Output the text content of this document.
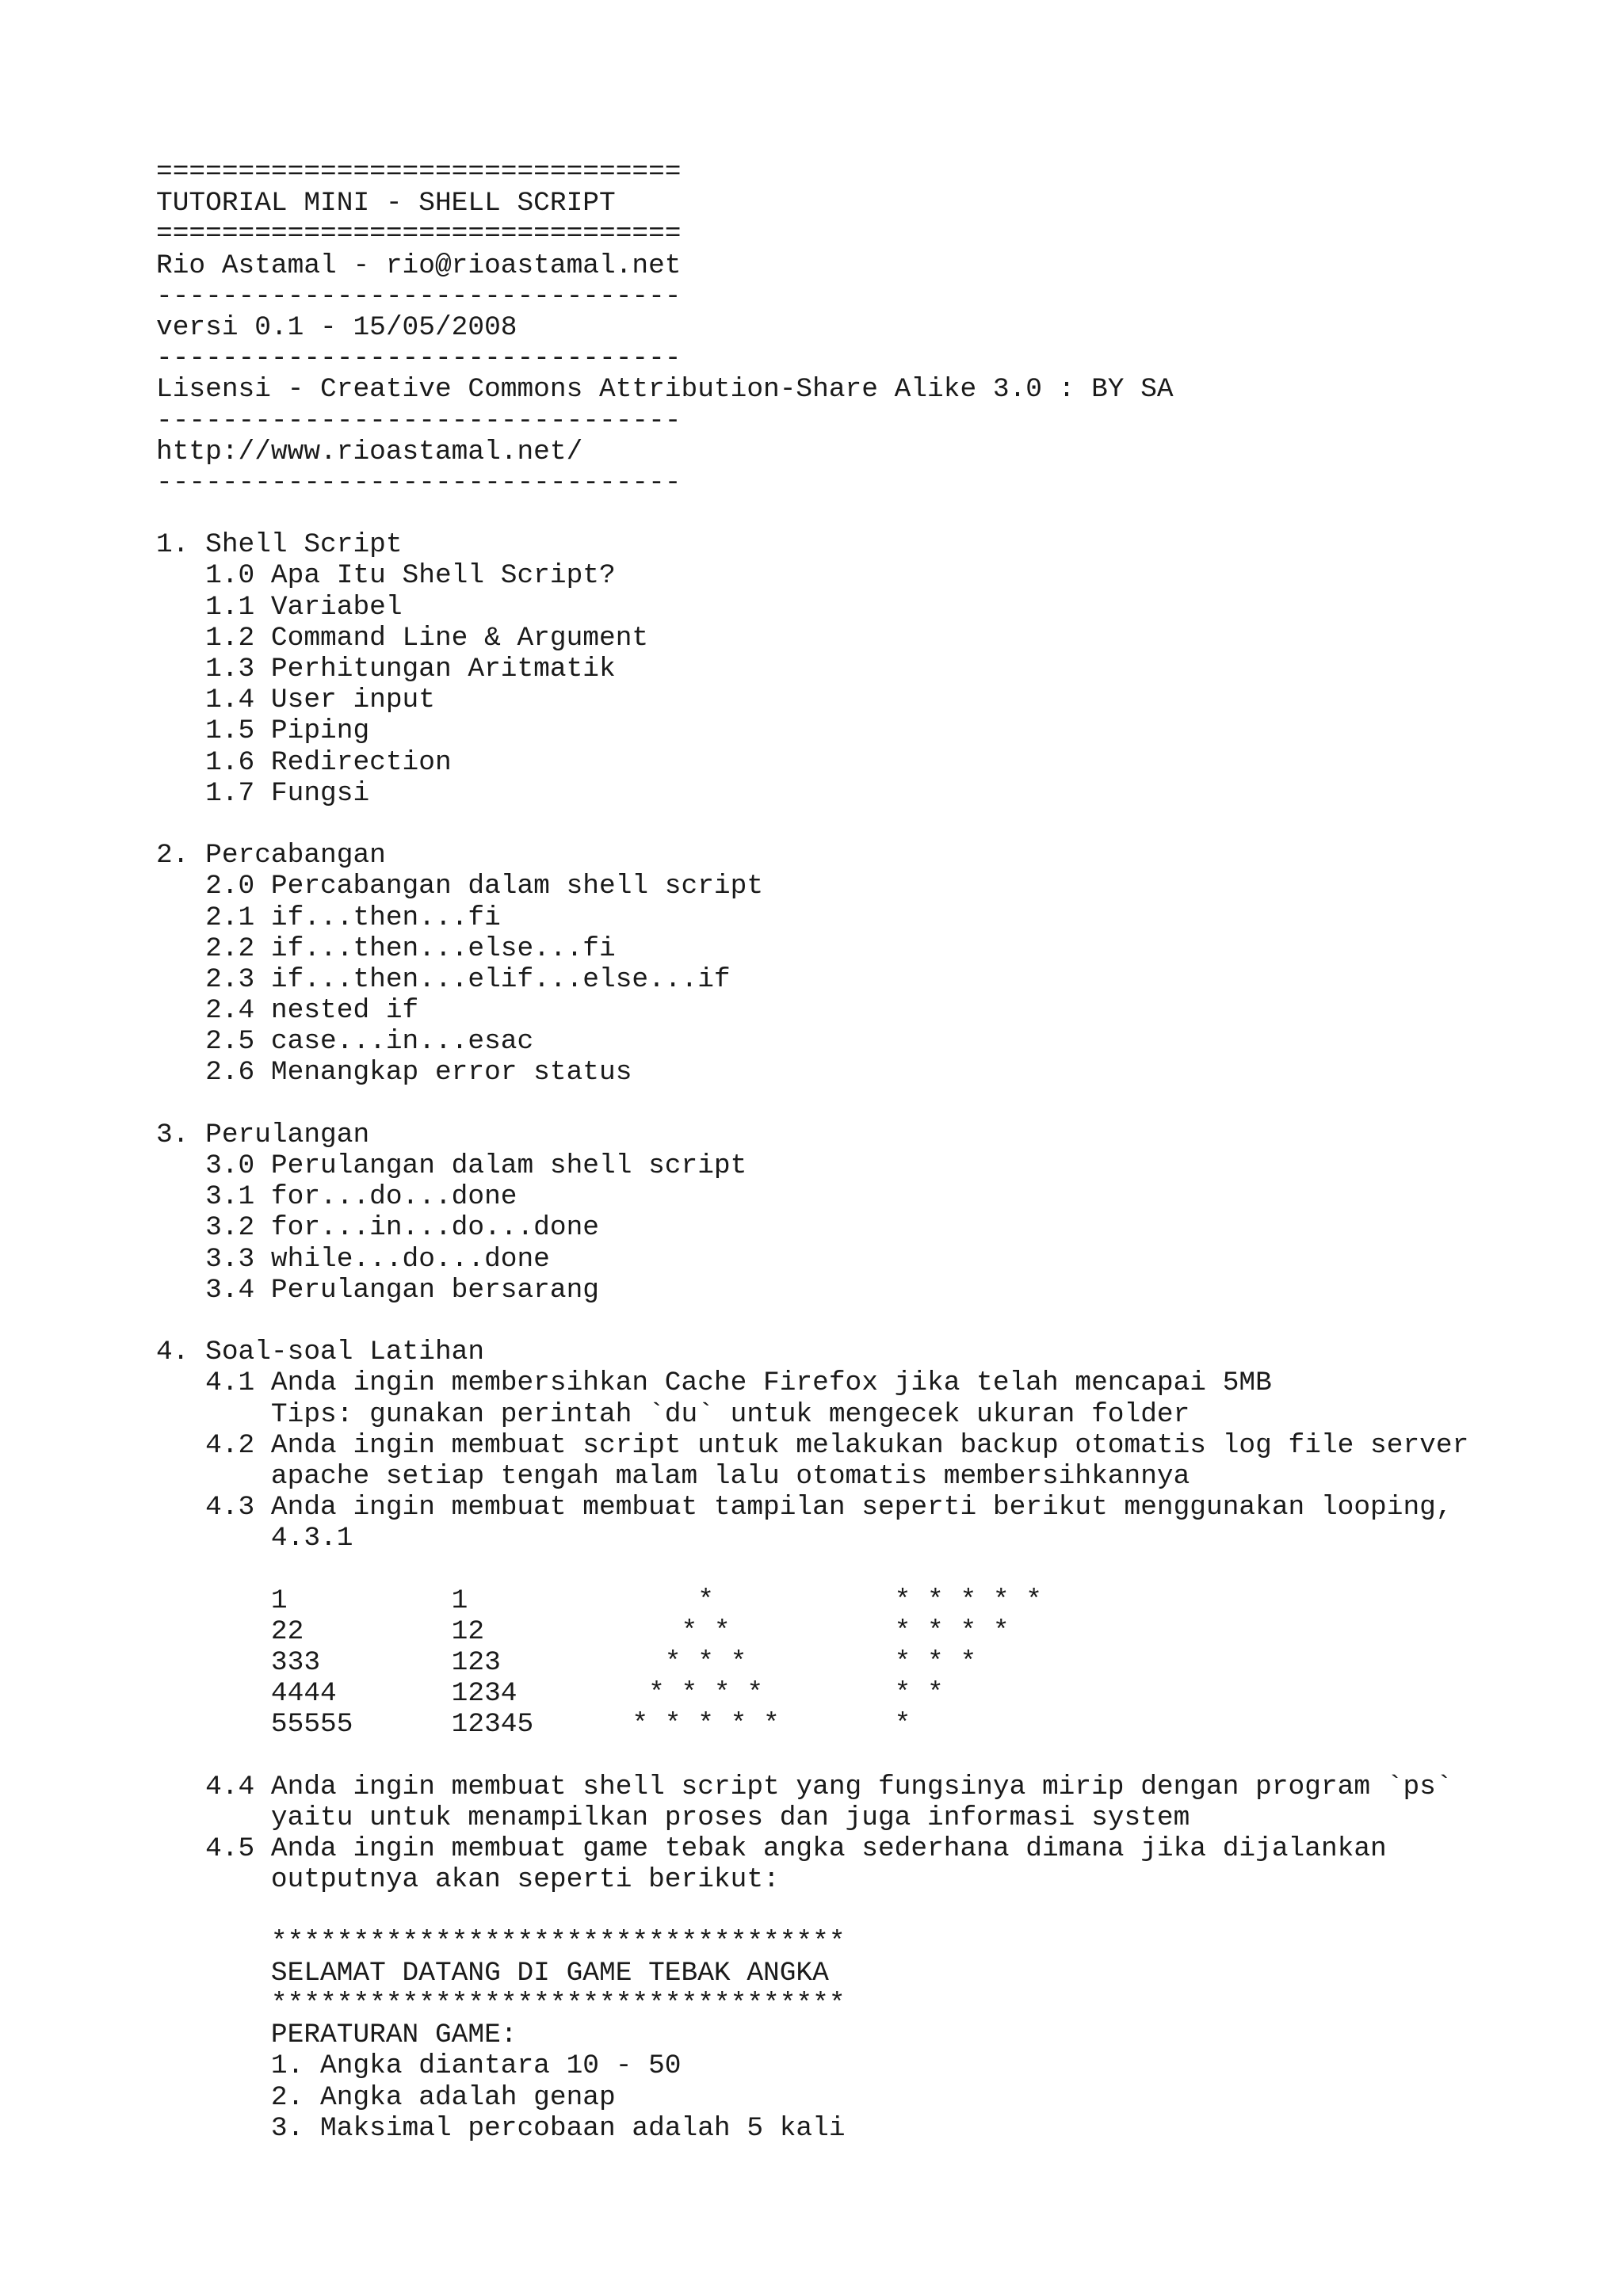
================================
TUTORIAL MINI - SHELL SCRIPT
================================
Rio Astamal - rio@rioastamal.net
--------------------------------
versi 0.1 - 15/05/2008
--------------------------------
Lisensi - Creative Commons Attribution-Share Alike 3.0 : BY SA
--------------------------------
http://www.rioastamal.net/
--------------------------------
1. Shell Script
1.0 Apa Itu Shell Script?
1.1 Variabel
1.2 Command Line & Argument
1.3 Perhitungan Aritmatik
1.4 User input
1.5 Piping
1.6 Redirection
1.7 Fungsi
2. Percabangan
2.0 Percabangan dalam shell script
2.1 if...then...fi
2.2 if...then...else...fi
2.3 if...then...elif...else...if
2.4 nested if
2.5 case...in...esac
2.6 Menangkap error status
3. Perulangan
3.0 Perulangan dalam shell script
3.1 for...do...done
3.2 for...in...do...done
3.3 while...do...done
3.4 Perulangan bersarang
4. Soal-soal Latihan
4.1 Anda ingin membersihkan Cache Firefox jika telah mencapai 5MB
Tips: gunakan perintah `du` untuk mengecek ukuran folder
4.2 Anda ingin membuat script untuk melakukan backup otomatis log file server
apache setiap tengah malam lalu otomatis membersihkannya
4.3 Anda ingin membuat membuat tampilan seperti berikut menggunakan looping,
4.3.1
1          1              *           * * * * *
22         12            * *          * * * *
333        123          * * *         * * *
4444       1234        * * * *        * *
55555      12345      * * * * *       *
4.4 Anda ingin membuat shell script yang fungsinya mirip dengan program `ps`
yaitu untuk menampilkan proses dan juga informasi system
4.5 Anda ingin membuat game tebak angka sederhana dimana jika dijalankan
outputnya akan seperti berikut:
***********************************
SELAMAT DATANG DI GAME TEBAK ANGKA
***********************************
PERATURAN GAME:
1. Angka diantara 10 - 50
2. Angka adalah genap
3. Maksimal percobaan adalah 5 kali
